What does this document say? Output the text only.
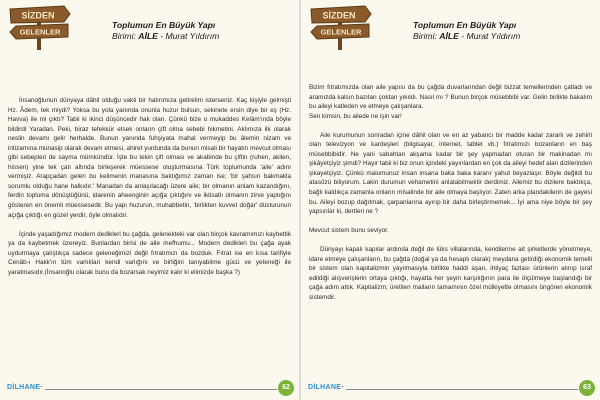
SİZDEN
GELENLER
Toplumun En Büyük Yapı
Birimi: AİLE - Murat Yıldırım

İnsanoğlunun dünyaya dâhil olduğu vakti bir hatırımıza getirelim isterseniz. Kaç kişiyle gelmişti Hz. Âdem, tek miydi? Yoksa bu yola yanında onunla huzur bulsun, sekinete ersin diye bir eş (Hz. Havva) ile mi çıktı? Tabii ki ikinci düşüncedir hak olan. Çünkü bize o mukaddes Kelâm'ında böyle bildirdi Yaradan. Peki, biraz tefekkür etsek onların çift olma sebebi hikmetini. Aklımıza ilk olarak neslin devamı gelir herhalde. Bunun yanında fuhşiyata mahal vermeyip bu âlemin nizam ve intizamına münasip olarak devam etmesi, ahiret yurdunda da bunun misali bir hayatın mevcut olması gibi sebepleri de sayma mümkündür. İşte bu tekin çift olması ve akabinde bu çiftin (ruhen, akilen, hissen) yine tek çatı altında birleşerek müessese oluşturmasına Türk toplumunda 'aile' adını vermişiz. Arapçadan gelen bu kelimenin manasına baktığımız zaman ise; 'bir şahsın bakmakla sorumlu olduğu hane halkıdır.' Manadan da anlaşılacağı üzere aile; bir olmanın anlam kazandığını, ferdin topluma dönüştüğünü, idarenin aheenginin açığa çıktığını ve iktisatlı olmanın zirve yaptığını gösteren en önemli müessesedir. Bu yapı huzurun, muhabbetin, 'birlikten kuvvet doğar' düsturunun açığa çıktığı en güzel yerdir, öyle olmalıdır.

İçinde yaşadığımız modern dedikleri bu çağda, gelenekteki var olan birçok kavramımızı kaybettik ya da kaybetmek üzereyiz. Bunlardan birisi de aile mefhumu... Modern dedikleri bu çağa ayak uydurmaya çalıştıkça sadece geleneğimizi değil fıtratımızı da bozduk. Fıtrat ise en kısa tarifiyle Cenâb-ı Hakk'ın tüm varlıkları kendi varlığını ve birliğini tanıyabilme gücü ve yeteneği ile yaratmasıdır.(İnsanoğlu olarak bunu da bozarsak neyimiz kalır ki elimizde başka ?)

DİLHANE·	62
SİZDEN
GELENLER
Toplumun En Büyük Yapı
Birimi: AİLE - Murat Yıldırım

Bizim fıtratımızda olan aile yapısı da bu çağda duvarlarından değil bizzat temellerinden çatladı ve aramızda kalsın bazıları çoktan yıkıldı. Nasıl mı ? Bunun birçok müsebbibi var. Gelin birlikte bakalım bu aileyi katleden ve etmeye çalışanlara.

Sen kimsin, bu ailede ne işin var!

Aile kurumunun sonradan içine dâhil olan ve en az yabancı bir madde kadar zararlı ve zehirli olan televizyon ve kardeşleri (bilgisayar, internet, tablet vb.) fıtratımızı bozanların en baş müsebbibidir. Ne yani sabahtan akşama kadar bir şey yapmadan oturan bir makinadan mı şikâyetçiyiz şimdi? Hayır tabii ki biz onun içindeki yayınlardan en çok da aileyi hedef alan dizilerinden şikayetçiyiz. Çünkü malumunuz insan insana baka baka kararır yahut beyazlaşır. Böyle değildi bu atasözü biliyorum. Lakin durumun vehametini anlatabilmektir derdimiz. Ailemiz bu dizilere baktıkça, bağlı kaldıkça zamanla onların misalinde bir aile olmaya başlıyor. Zaten arka plandakilerin de gayesi bu. Aileyi bozup dağıtmak, çarpanlarına ayırıp bir daha birleştirmemek... İyi ama niye böyle bir şey yapsınlar ki, dertleri ne ?

Mevcut sistem bunu seviyor.

Dünyayı kapalı kapılar ardında değil de lüks villalarında, kendilerine ait şirketlerde yönetmeye, idare etmeye çalışanların, bu çağda (doğal ya da hesaplı olarak) meydana getirdiği ekonomik temelli bir sistem olan kapitalizmin yayılmasıyla birlikte haddi aşan, ihtiyaç fazlası ürünlerin alınıp israf edildiği alışverişlerin ortaya çıktığı, hayatta her şeyin karşılığının para ile ölçülmeye başlandığı bir çağa adım attık. Kapitalizm; üretilen malların tamamının özel mülkiyette olmasını öngören ekonomik sistemdir.

DİLHANE·	63
